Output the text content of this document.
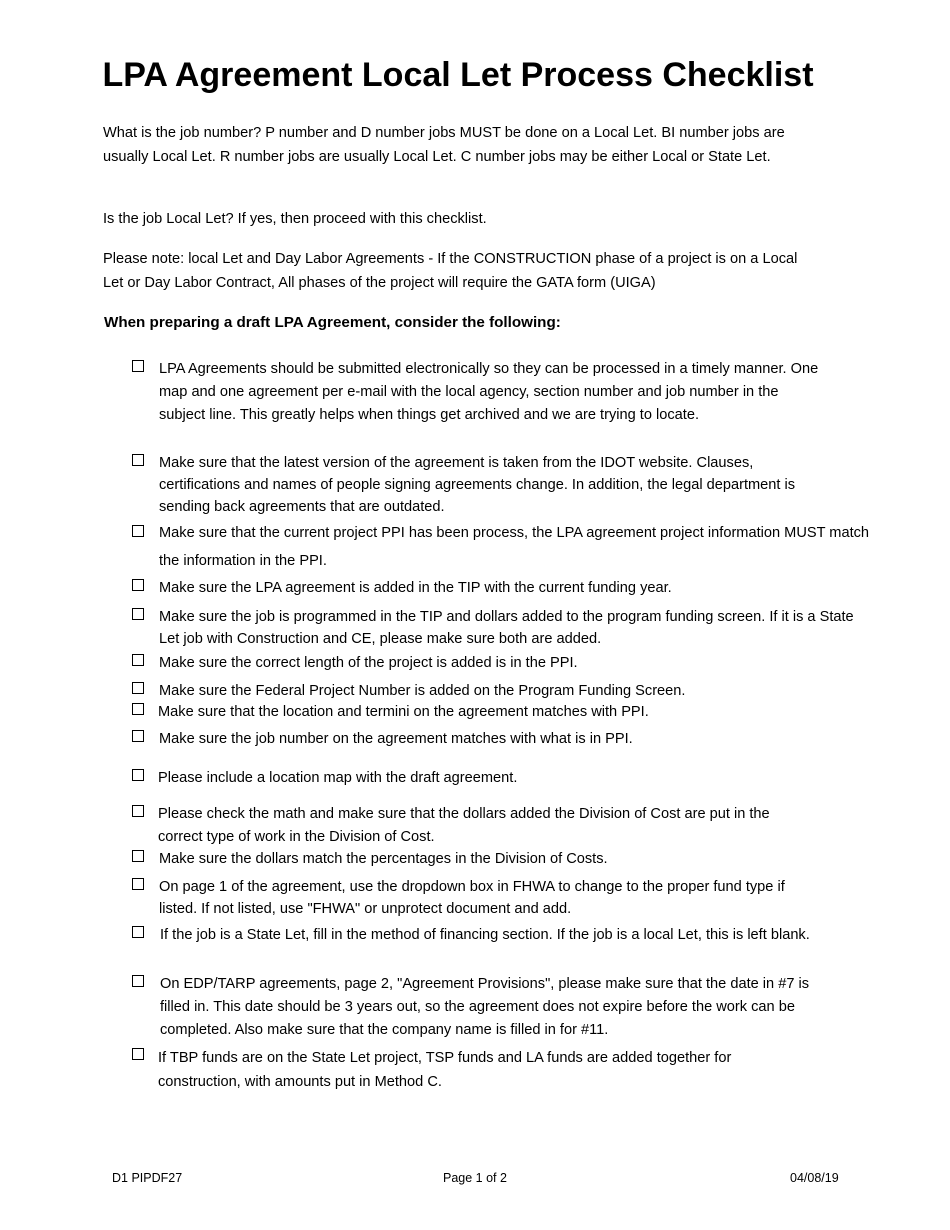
LPA Agreement Local Let Process Checklist
What is the job number? P number and D number jobs MUST be done on a Local Let. BI number jobs are usually Local Let. R number jobs are usually Local Let. C number jobs may be either Local or State Let.
Is the job Local Let? If yes, then proceed with this checklist.
Please note: local Let and Day Labor Agreements - If the CONSTRUCTION phase of a project is on a Local Let or Day Labor Contract, All phases of the project will require the GATA form (UIGA)
When preparing a draft LPA Agreement, consider the following:
LPA Agreements should be submitted electronically so they can be processed in a timely manner. One map and one agreement per e-mail with the local agency, section number and job number in the subject line. This greatly helps when things get archived and we are trying to locate.
Make sure that the latest version of the agreement is taken from the IDOT website. Clauses, certifications and names of people signing agreements change. In addition, the legal department is sending back agreements that are outdated.
Make sure that the current project PPI has been process, the LPA agreement project information MUST match the information in the PPI.
Make sure the LPA agreement is added in the TIP with the current funding year.
Make sure the job is programmed in the TIP and dollars added to the program funding screen. If it is a State Let job with Construction and CE, please make sure both are added.
Make sure the correct length of the project is added is in the PPI.
Make sure the Federal Project Number is added on the Program Funding Screen.
Make sure that the location and termini on the agreement matches with PPI.
Make sure the job number on the agreement matches with what is in PPI.
Please include a location map with the draft agreement.
Please check the math and make sure that the dollars added the Division of Cost are put in the correct type of work in the Division of Cost.
Make sure the dollars match the percentages in the Division of Costs.
On page 1 of the agreement, use the dropdown box in FHWA to change to the proper fund type if listed. If not listed, use "FHWA" or unprotect document and add.
If the job is a State Let, fill in the method of financing section. If the job is a local Let, this is left blank.
On EDP/TARP agreements, page 2, "Agreement Provisions", please make sure that the date in #7 is filled in. This date should be 3 years out, so the agreement does not expire before the work can be completed. Also make sure that the company name is filled in for #11.
If TBP funds are on the State Let project, TSP funds and LA funds are added together for construction, with amounts put in Method C.
D1 PIPDF27	Page 1 of 2	04/08/19
